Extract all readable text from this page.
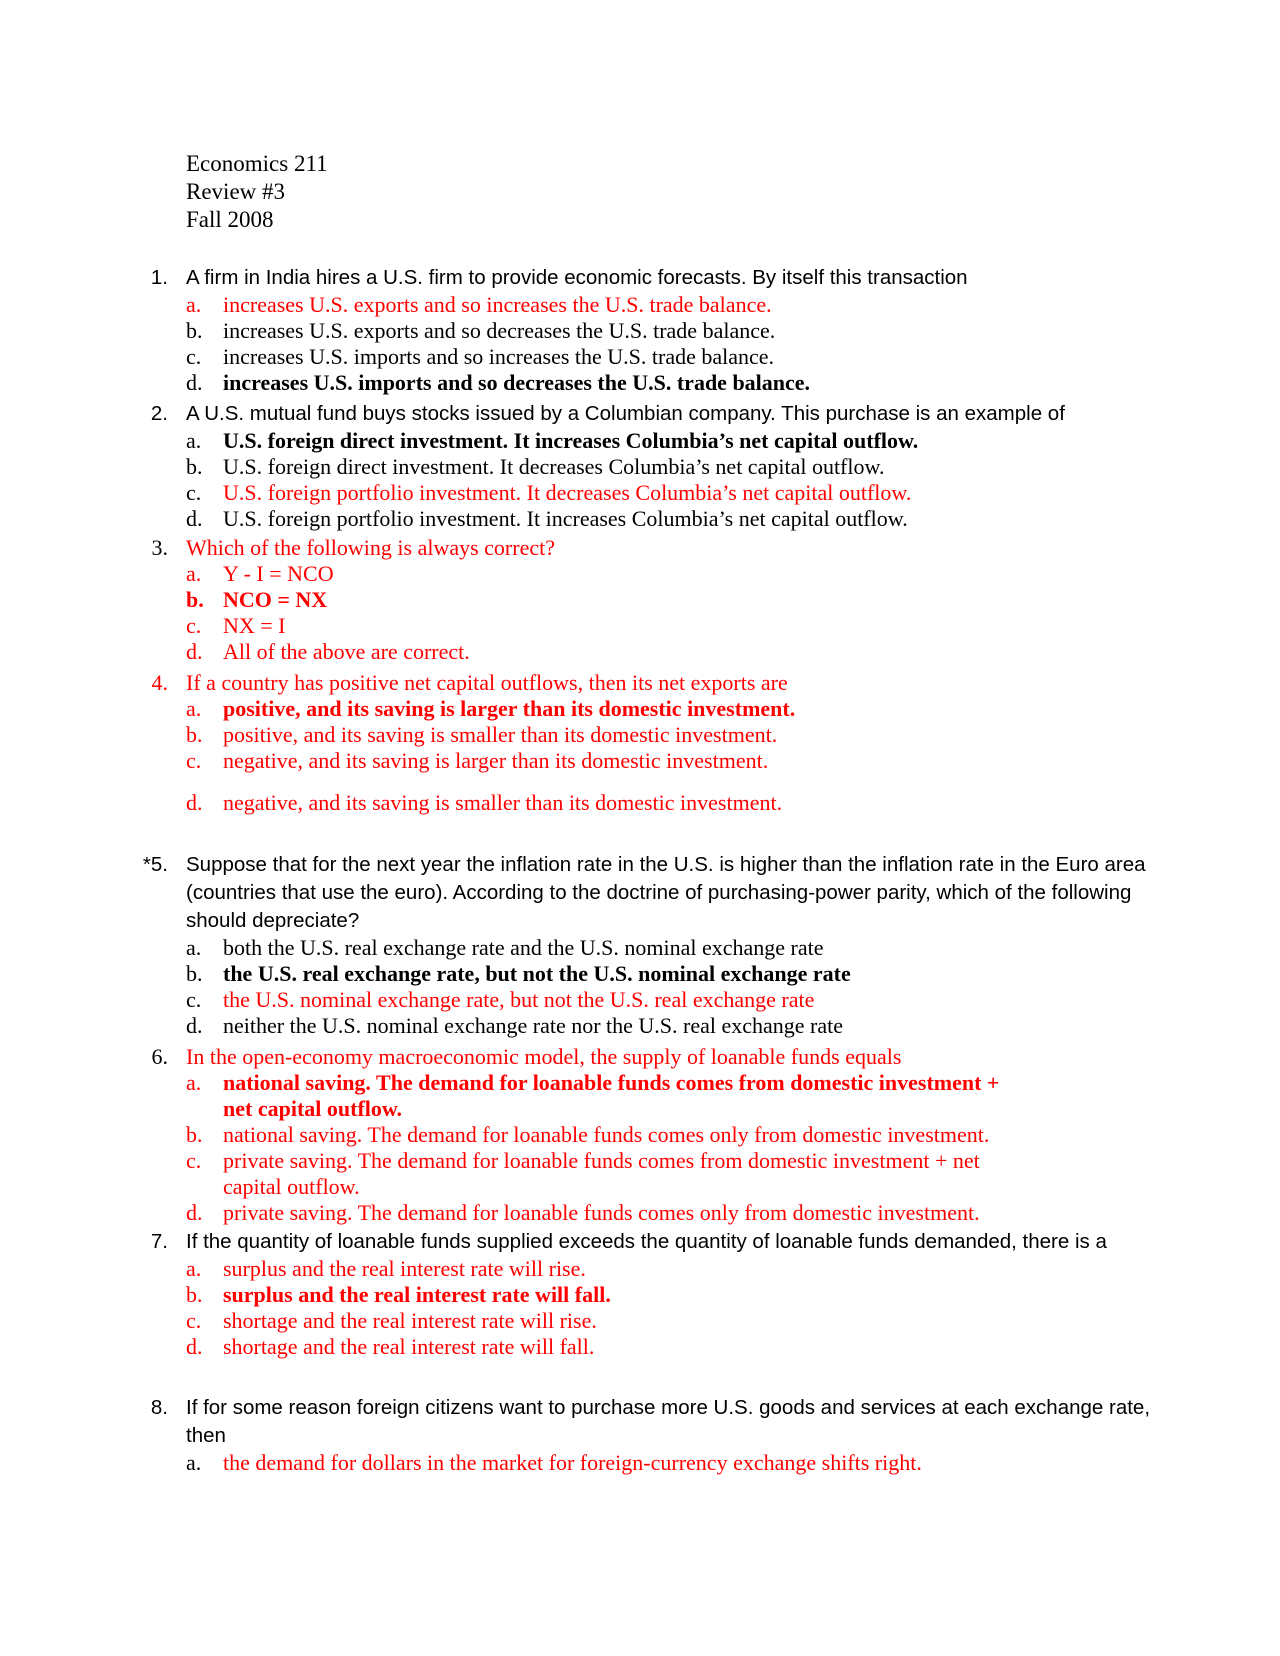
Economics 211
Review #3
Fall 2008
1. A firm in India hires a U.S. firm to provide economic forecasts. By itself this transaction
a. increases U.S. exports and so increases the U.S. trade balance.
b. increases U.S. exports and so decreases the U.S. trade balance.
c. increases U.S. imports and so increases the U.S. trade balance.
d. increases U.S. imports and so decreases the U.S. trade balance.
2. A U.S. mutual fund buys stocks issued by a Columbian company. This purchase is an example of
a. U.S. foreign direct investment. It increases Columbia’s net capital outflow.
b. U.S. foreign direct investment. It decreases Columbia’s net capital outflow.
c. U.S. foreign portfolio investment. It decreases Columbia’s net capital outflow.
d. U.S. foreign portfolio investment. It increases Columbia’s net capital outflow.
3. Which of the following is always correct?
a. Y - I = NCO
b. NCO = NX
c. NX = I
d. All of the above are correct.
4. If a country has positive net capital outflows, then its net exports are
a. positive, and its saving is larger than its domestic investment.
b. positive, and its saving is smaller than its domestic investment.
c. negative, and its saving is larger than its domestic investment.
d. negative, and its saving is smaller than its domestic investment.
*5. Suppose that for the next year the inflation rate in the U.S. is higher than the inflation rate in the Euro area (countries that use the euro). According to the doctrine of purchasing-power parity, which of the following should depreciate?
a. both the U.S. real exchange rate and the U.S. nominal exchange rate
b. the U.S. real exchange rate, but not the U.S. nominal exchange rate
c. the U.S. nominal exchange rate, but not the U.S. real exchange rate
d. neither the U.S. nominal exchange rate nor the U.S. real exchange rate
6. In the open-economy macroeconomic model, the supply of loanable funds equals
a. national saving. The demand for loanable funds comes from domestic investment + net capital outflow.
b. national saving. The demand for loanable funds comes only from domestic investment.
c. private saving. The demand for loanable funds comes from domestic investment + net capital outflow.
d. private saving. The demand for loanable funds comes only from domestic investment.
7. If the quantity of loanable funds supplied exceeds the quantity of loanable funds demanded, there is a
a. surplus and the real interest rate will rise.
b. surplus and the real interest rate will fall.
c. shortage and the real interest rate will rise.
d. shortage and the real interest rate will fall.
8. If for some reason foreign citizens want to purchase more U.S. goods and services at each exchange rate, then
a. the demand for dollars in the market for foreign-currency exchange shifts right.
